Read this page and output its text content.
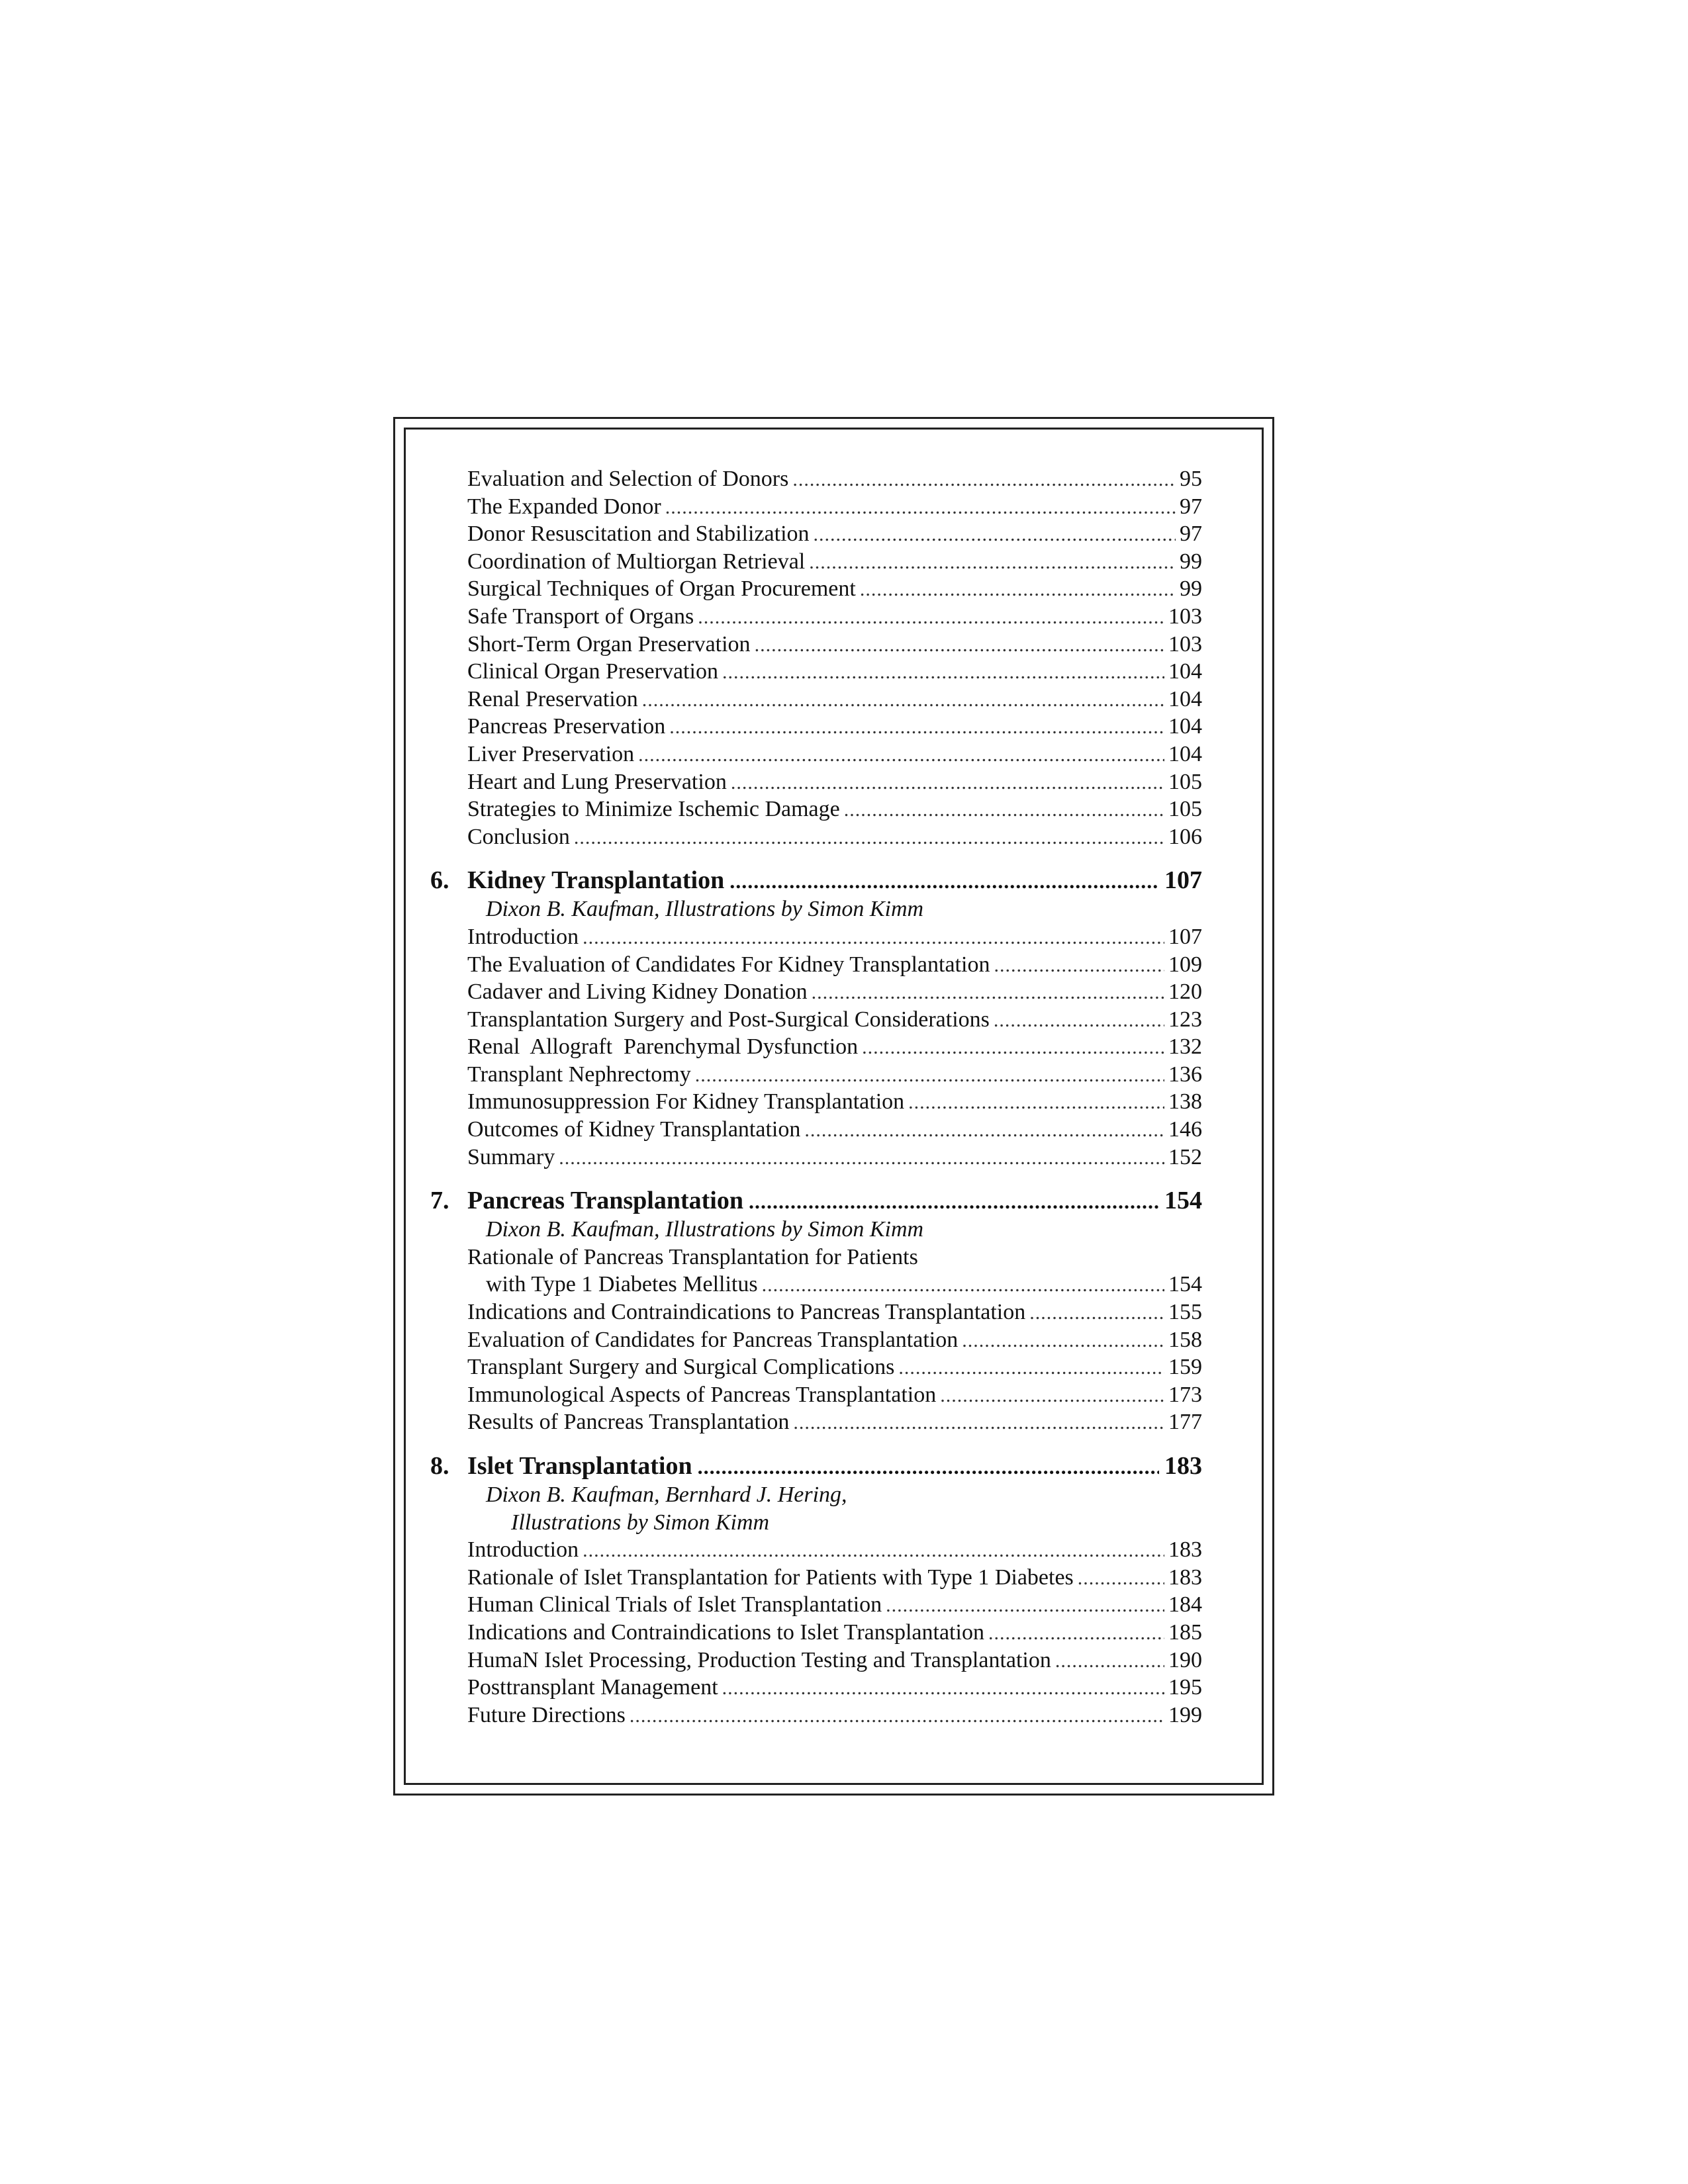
Evaluation and Selection of Donors .....	95
The Expanded Donor .....	97
Donor Resuscitation and Stabilization .....	97
Coordination of Multiorgan Retrieval .....	99
Surgical Techniques of Organ Procurement .....	99
Safe Transport of Organs .....	103
Short-Term Organ Preservation .....	103
Clinical Organ Preservation .....	104
Renal Preservation .....	104
Pancreas Preservation .....	104
Liver Preservation .....	104
Heart and Lung Preservation .....	105
Strategies to Minimize Ischemic Damage .....	105
Conclusion .....	106
6. Kidney Transplantation .....	107
Dixon B. Kaufman, Illustrations by Simon Kimm
Introduction .....	107
The Evaluation of Candidates For Kidney Transplantation .....	109
Cadaver and Living Kidney Donation .....	120
Transplantation Surgery and Post-Surgical Considerations .....	123
Renal  Allograft  Parenchymal Dysfunction .....	132
Transplant Nephrectomy .....	136
Immunosuppression For Kidney Transplantation .....	138
Outcomes of Kidney Transplantation .....	146
Summary .....	152
7. Pancreas Transplantation .....	154
Dixon B. Kaufman, Illustrations by Simon Kimm
Rationale of Pancreas Transplantation for Patients
with Type 1 Diabetes Mellitus .....	154
Indications and Contraindications to Pancreas Transplantation .....	155
Evaluation of Candidates for Pancreas Transplantation .....	158
Transplant Surgery and Surgical Complications .....	159
Immunological Aspects of Pancreas Transplantation .....	173
Results of Pancreas Transplantation .....	177
8. Islet Transplantation .....	183
Dixon B. Kaufman, Bernhard J. Hering,
Illustrations by Simon Kimm
Introduction .....	183
Rationale of Islet Transplantation for Patients with Type 1 Diabetes .....	183
Human Clinical Trials of Islet Transplantation .....	184
Indications and Contraindications to Islet Transplantation .....	185
HumaN Islet Processing, Production Testing and Transplantation .....	190
Posttransplant Management .....	195
Future Directions .....	199
